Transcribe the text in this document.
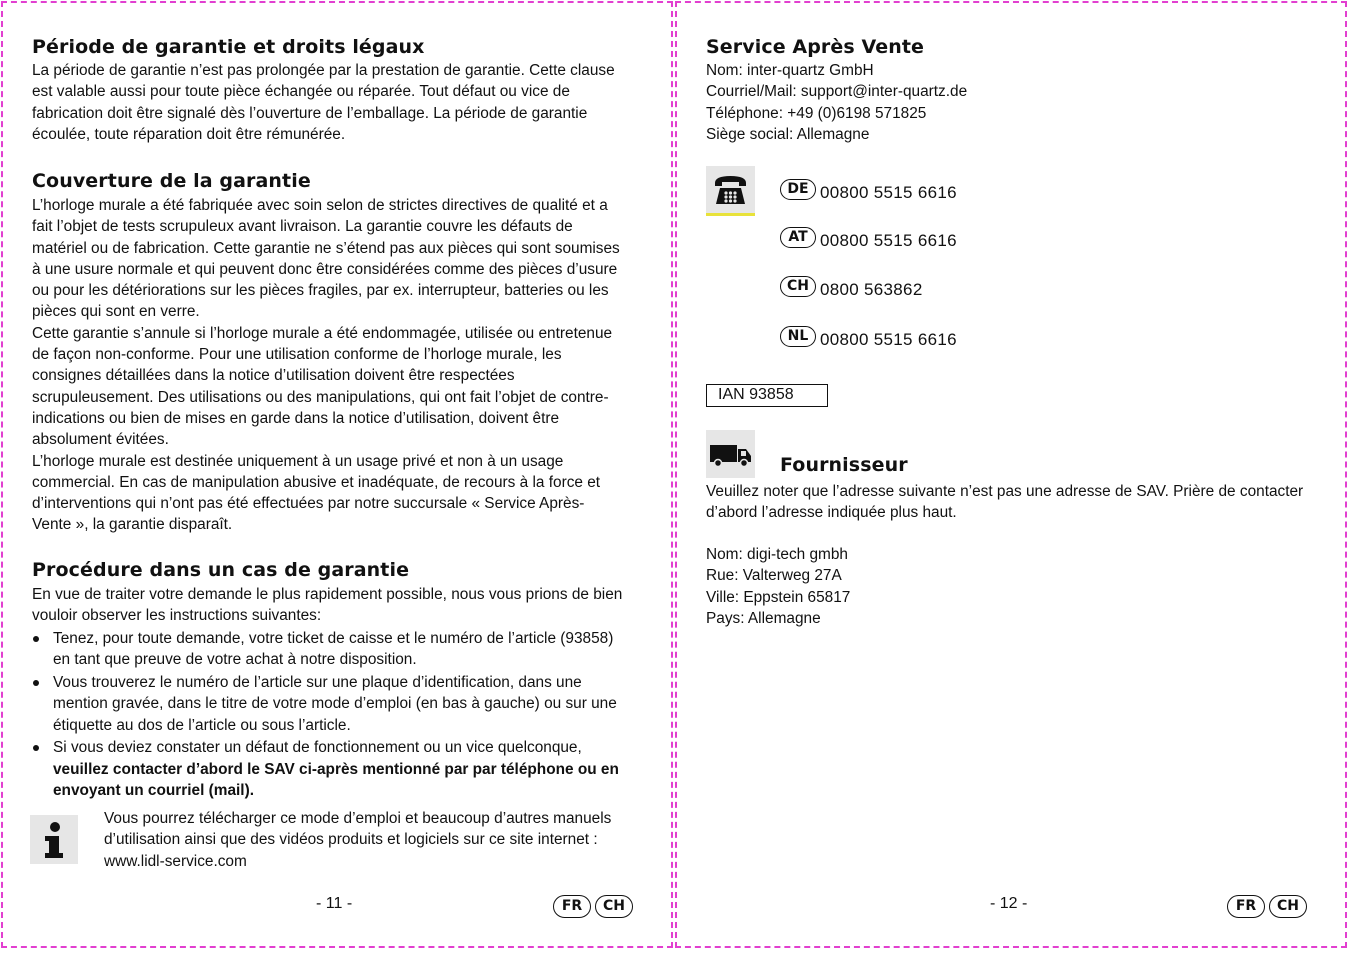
Période de garantie et droits légaux

La période de garantie n’est pas prolongée par la prestation de garantie. Cette clause

est valable aussi pour toute pièce échangée ou réparée. Tout défaut ou vice de

fabrication doit être signalé dès l’ouverture de l’emballage. La période de garantie

écoulée, toute réparation doit être rémunérée.

Couverture de la garantie

L’horloge murale a été fabriquée avec soin selon de strictes directives de qualité et a

fait l’objet de tests scrupuleux avant livraison. La garantie couvre les défauts de

matériel ou de fabrication. Cette garantie ne s’étend pas aux pièces qui sont soumises

à une usure normale et qui peuvent donc être considérées comme des pièces d’usure

ou pour les détériorations sur les pièces fragiles, par ex. interrupteur, batteries ou les

pièces qui sont en verre.

Cette garantie s’annule si l’horloge murale a été endommagée, utilisée ou entretenue

de façon non-conforme. Pour une utilisation conforme de l’horloge murale, les

consignes détaillées dans la notice d’utilisation doivent être respectées

scrupuleusement. Des utilisations ou des manipulations, qui ont fait l’objet de contre-

indications ou bien de mises en garde dans la notice d’utilisation, doivent être

absolument évitées.

L’horloge murale est destinée uniquement à un usage privé et non à un usage

commercial. En cas de manipulation abusive et inadéquate, de recours à la force et

d’interventions qui n’ont pas été effectuées par notre succursale « Service Après-

Vente », la garantie disparaît.

Procédure dans un cas de garantie

En vue de traiter votre demande le plus rapidement possible, nous vous prions de bien

vouloir observer les instructions suivantes:

Tenez, pour toute demande, votre ticket de caisse et le numéro de l’article (93858)
en tant que preuve de votre achat à notre disposition.
Vous trouverez le numéro de l’article sur une plaque d’identification, dans une
mention gravée, dans le titre de votre mode d’emploi (en bas à gauche) ou sur une
étiquette au dos de l’article ou sous l’article.
Si vous deviez constater un défaut de fonctionnement ou un vice quelconque,
veuillez contacter d’abord le SAV ci-après mentionné par par téléphone ou en
envoyant un courriel (mail).

Vous pourrez télécharger ce mode d’emploi et beaucoup d’autres manuels

d’utilisation ainsi que des vidéos produits et logiciels sur ce site internet :

www.lidl-service.com

- 11 -	FR	CH
Service Après Vente

Nom: inter-quartz GmbH

Courriel/Mail: support@inter-quartz.de

Téléphone: +49 (0)6198 571825

Siège social: Allemagne

DE 00800 5515 6616
AT 00800 5515 6616
CH 0800 563862
NL 00800 5515 6616
IAN 93858
Fournisseur

Veuillez noter que l’adresse suivante n’est pas une adresse de SAV. Prière de contacter

d’abord l’adresse indiquée plus haut.

Nom: digi-tech gmbh

Rue: Valterweg 27A

Ville: Eppstein 65817

Pays: Allemagne

- 12 -	FR	CH
